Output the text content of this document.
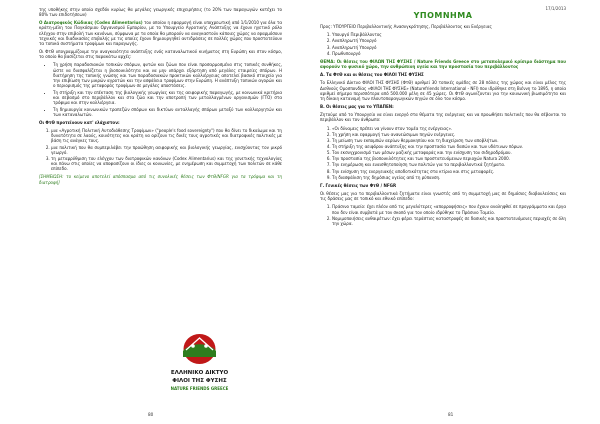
της υποθήκης στην οποία σχεδόν κυρίως θα μεγάλες γεωργικές επιχειρήσεις (το 20% των παραγωγών κατέχει το 80% των επιδοτήσεων)

Ο Διατροφικός Κώδικας (Codex Alimentarius) του οποίου η εφαρμογή είναι υποχρεωτική από 1/1/2010 για όλα τα κράτη-μέλη του Παγκόσμιου Οργανισμού Εμπορίου, με το Υπουργείο Αγροτικής Ανάπτυξης να έχουν ηγετικό ρόλο ελέγχου στην επιβολή των κανόνων, σύμφωνα με τα οποία θα μπορούν να αναγκαστούν κάποιες χώρες να εφαρμόσουν τεχνικές και διαδικασίες επιβολής με τις οποίες έχουν δημιουργηθεί αντιδράσεις σε πολλές χώρες που προστατεύουν τα τοπικά συστήματα τροφίμων και παραγωγής.

Οι ΦτΘ υπογραμμίζουμε την αναγκαιότητα ανάπτυξης ενός καταναλωτικού κινήματος στη Ευρώπη και στον κόσμο, το οποίο θα βασίζεται στις παρακάτω αρχές:

• Τη χρήση παραδοσιακών τοπικών σπόρων, φυτών και ζώων που είναι προσαρμοσμένα στις τοπικές συνθήκες, ώστε να διασφαλίζεται η βιοποικιλότητα και να μην υπάρχει εξάρτηση από μεγάλες εταιρείες σπόρων. Η διατήρηση της τοπικής γνώσης και των παραδοσιακών πρακτικών καλλιέργειας αποτελεί βασικό στοιχείο για την επιβίωση των μικρών αγροτών και την ασφάλεια τροφίμων στην Ευρώπη. Η ανάπτυξη τοπικών αγορών και ο περιορισμός της μεταφοράς τροφίμων σε μεγάλες αποστάσεις.
• Τη στήριξη και την επέκταση της βιολογικής γεωργίας και της αειφορικής παραγωγής, με κοινωνικά κριτήρια και σεβασμό στο περιβάλλον και στα ζώα και την αποτροπή των μεταλλαγμένων οργανισμών (ΓΤΟ) στα τρόφιμα και στην καλλιέργεια.
• Τη δημιουργία κοινωνικών τραπεζών σπόρων και δικτύων ανταλλαγής σπόρων μεταξύ των καλλιεργητών και των καταναλωτών.

Οι ΦτΘ προτείνουν κατ' ελάχιστον:

1. μια «Αγροτική Πολιτική Αυτοδιάθεσης Τροφίμων» ("people's food sovereignty") που θα δίνει το δικαίωμα και τη δυνατότητα σε λαούς, κοινότητες και κράτη να ορίζουν τις δικές τους αγροτικές και διατροφικές πολιτικές με βάση τις ανάγκες τους.
2. μια πολιτική που θα συμπεριλάβει την προώθηση αειφορικής και βιολογικής γεωργίας, ενισχύοντας τον μικρό γεωργό.
3. τη μεταρρύθμιση του ελέγχου των διατροφικών κανόνων (Codex Alimentarius) και της γενετικής τεχνολογίας και πάνω στις οποίες να αποφασίζουν οι ίδιες οι κοινωνίες, με ενημέρωση και συμμετοχή των πολιτών σε κάθε επίπεδο.

[ΣΗΜΕΙΩΣΗ: το κείμενο αποτελεί απόσπασμα από τις συνολικές θέσεις των ΦτΘ/NFGR για τα τρόφιμα και τη διατροφή]

80
ΕΛΛΗΝΙΚΟ ΔΙΚΤΥΟ
ΦΙΛΟΙ ΤΗΣ ΦΥΣΗΣ
NATURE FRIENDS GREECE
17/1/2013
ΥΠΟΜΝΗΜΑ

Προς: ΥΠΟΥΡΓΕΙΟ Περιβαλλοντικής Ανασυγκρότησης, Περιβάλλοντος και Ενέργειας

1. Υπουργό Περιβάλλοντος
2. Αναπληρωτή Υπουργό
3. Αναπληρωτή Υπουργό
4. Πρωθυπουργό

ΘΕΜΑ: Οι θέσεις του ΦΙΛΩΝ ΤΗΣ ΦΥΣΗΣ / Nature Friends Greece στο μεταπολεμικό κρίσιμο διάστημα που αφορούν το φυσικό χώρο, την ανθρώπινη υγεία και την προστασία του περιβάλλοντος

A. Τα ΦτΘ και οι θέσεις του ΦΙΛΟΙ ΤΗΣ ΦΥΣΗΣ

Το Ελληνικό Δίκτυο ΦΙΛΟΙ ΤΗΣ ΦΥΣΗΣ (ΦτΘ) αριθμεί 30 τοπικές ομάδες σε 28 πόλεις της χώρας και είναι μέλος της Διεθνούς Ομοσπονδίας «ΦΙΛΟΙ ΤΗΣ ΦΥΣΗΣ» (Naturefriends International - NFI) που ιδρύθηκε στη Βιέννη το 1895, η οποία αριθμεί σήμερα περισσότερα από 500.000 μέλη σε 45 χώρες. Οι ΦτΘ αγωνίζονται για την κοινωνική βιωσιμότητα και τη δίκαιη κατανομή των πλουτοπαραγωγικών πηγών σε όλο τον κόσμο.

B. Οι θέσεις μας για το ΥΠΑΠΕΝ:

Ζητούμε από το Υπουργείο να είναι ενεργό στα θέματα της ενέργειας και να προωθήσει πολιτικές που θα σέβονται το περιβάλλον και τον άνθρωπο:

1. «Οι δύναμεις πρέπει να γίνουν στον τομέα της ενέργειας».
2. Τη χρήση και εφαρμογή των ανανεώσιμων πηγών ενέργειας.
3. Τη μείωση των εκπομπών αερίων θερμοκηπίου και τη διαχείριση των αποβλήτων.
4. Τη στήριξη της αειφόρου ανάπτυξης και την προστασία των δασών και των υδάτινων πόρων.
5. Τον εκσυγχρονισμό των μέσων μαζικής μεταφοράς και την ενίσχυση του σιδηροδρόμου.
6. Την προστασία της βιοποικιλότητας και των προστατευόμενων περιοχών Natura 2000.
7. Την ενημέρωση και ευαισθητοποίηση των πολιτών για τα περιβαλλοντικά ζητήματα.
8. Την ενίσχυση της ενεργειακής αποδοτικότητας στα κτίρια και στις μεταφορές.
9. Τη διασφάλιση της δημόσιας υγείας από τη ρύπανση.

Γ. Γενικές θέσεις των ΦτΘ / NFGR

Οι θέσεις μας για τα περιβαλλοντικά ζητήματα είναι γνωστές από τη συμμετοχή μας σε δημόσιες διαβουλεύσεις και τις δράσεις μας σε τοπικό και εθνικό επίπεδο:

1. Πράσινο ταμείο: έχει πλέον από τις μεγαλύτερες «απορροφήσεις» που έχουν αναληφθεί σε προγράμματα και έργα που δεν είναι συμβατά με τον σκοπό για τον οποίο ιδρύθηκε το Πράσινο Ταμείο.
2. Νομιμοποιήσεις αυθαιρέτων: έχει φέρει τεράστιες καταστροφές σε δασικές και προστατευόμενες περιοχές σε όλη την χώρα.
81
